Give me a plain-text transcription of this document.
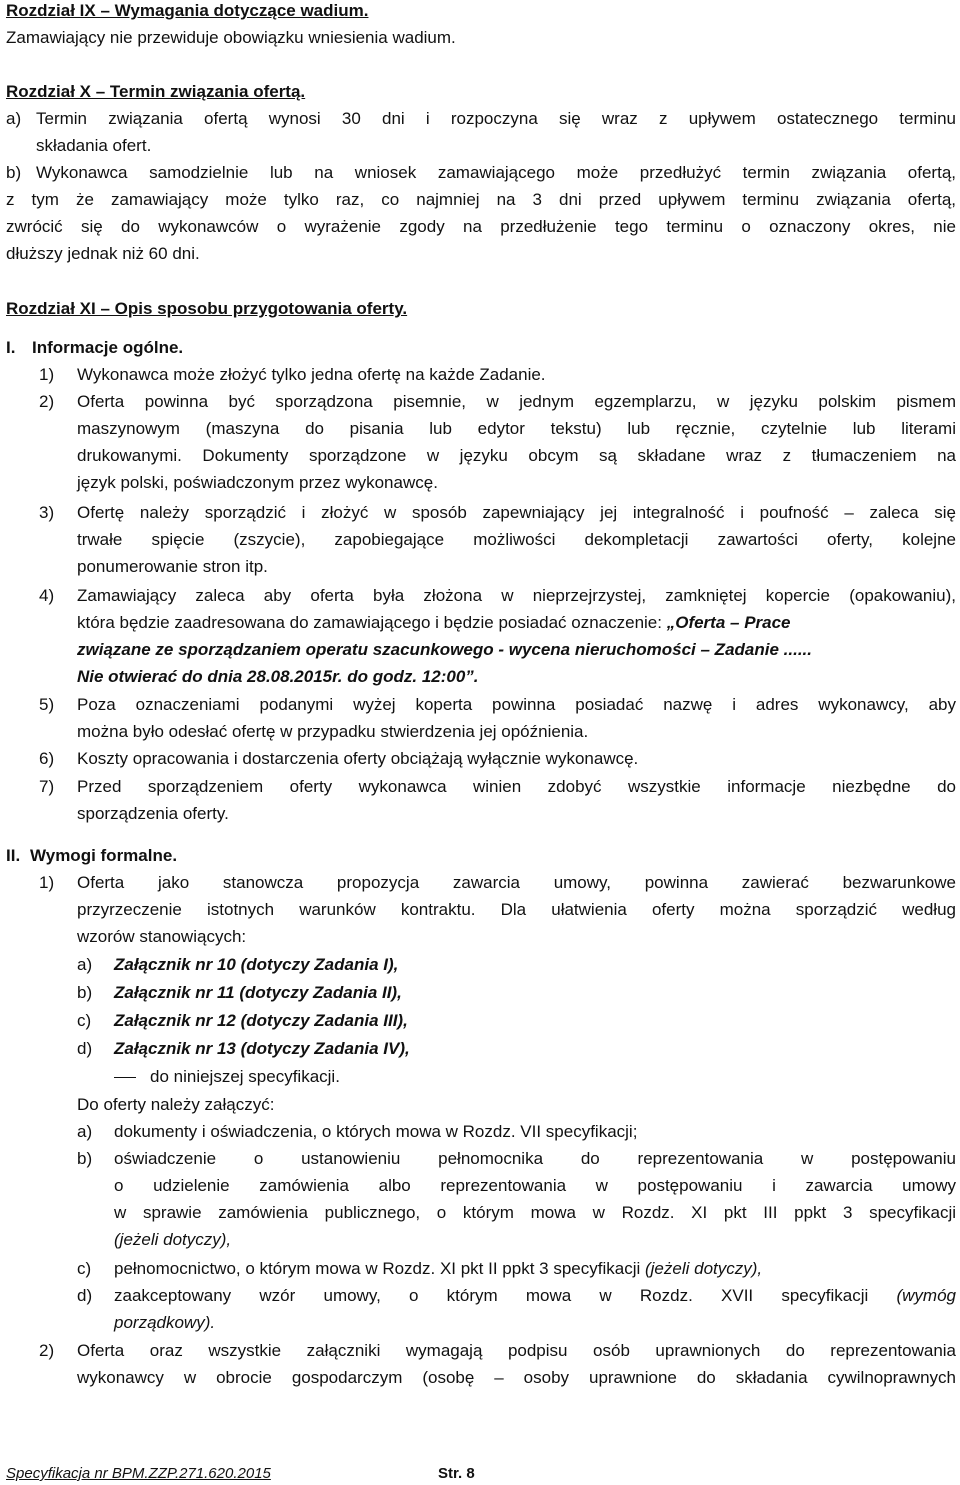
Rozdział IX – Wymagania dotyczące wadium.
Zamawiający nie przewiduje obowiązku wniesienia wadium.
Rozdział X – Termin związania ofertą.
a) Termin związania ofertą wynosi 30 dni i rozpoczyna się wraz z upływem ostatecznego terminu
składania ofert.
b) Wykonawca samodzielnie lub na wniosek zamawiającego może przedłużyć termin związania ofertą,
z tym że zamawiający może tylko raz, co najmniej na 3 dni przed upływem terminu związania ofertą,
zwrócić się do wykonawców o wyrażenie zgody na przedłużenie tego terminu o oznaczony okres, nie
dłuższy jednak niż 60 dni.
Rozdział XI – Opis sposobu przygotowania oferty.
I. Informacje ogólne.
1) Wykonawca może złożyć tylko jedna ofertę na każde Zadanie.
2) Oferta powinna być sporządzona pisemnie, w jednym egzemplarzu, w języku polskim pismem
maszynowym (maszyna do pisania lub edytor tekstu) lub ręcznie, czytelnie lub literami
drukowanymi. Dokumenty sporządzone w języku obcym są składane wraz z tłumaczeniem na
język polski, poświadczonym przez wykonawcę.
3) Ofertę należy sporządzić i złożyć w sposób zapewniający jej integralność i poufność – zaleca się
trwałe spięcie (zszycie), zapobiegające możliwości dekompletacji zawartości oferty, kolejne
ponumerowanie stron itp.
4) Zamawiający zaleca aby oferta była złożona w nieprzejrzystej, zamkniętej kopercie (opakowaniu),
która będzie zaadresowana do zamawiającego i będzie posiadać oznaczenie: „Oferta – Prace
związane ze sporządzaniem operatu szacunkowego - wycena nieruchomości – Zadanie ......
Nie otwierać do dnia 28.08.2015r. do godz. 12:00”.
5) Poza oznaczeniami podanymi wyżej koperta powinna posiadać nazwę i adres wykonawcy, aby
można było odesłać ofertę w przypadku stwierdzenia jej opóźnienia.
6) Koszty opracowania i dostarczenia oferty obciążają wyłącznie wykonawcę.
7) Przed sporządzeniem oferty wykonawca winien zdobyć wszystkie informacje niezbędne do
sporządzenia oferty.
II. Wymogi formalne.
1) Oferta jako stanowcza propozycja zawarcia umowy, powinna zawierać bezwarunkowe
przyrzeczenie istotnych warunków kontraktu. Dla ułatwienia oferty można sporządzić według
wzorów stanowiących:
a) Załącznik nr 10 (dotyczy Zadania I),
b) Załącznik nr 11 (dotyczy Zadania II),
c) Załącznik nr 12 (dotyczy Zadania III),
d) Załącznik nr 13 (dotyczy Zadania IV),
do niniejszej specyfikacji.
Do oferty należy załączyć:
a) dokumenty i oświadczenia, o których mowa w Rozdz. VII specyfikacji;
b) oświadczenie o ustanowieniu pełnomocnika do reprezentowania w postępowaniu
o udzielenie zamówienia albo reprezentowania w postępowaniu i zawarcia umowy
w sprawie zamówienia publicznego, o którym mowa w Rozdz. XI pkt III ppkt 3 specyfikacji
(jeżeli dotyczy),
c) pełnomocnictwo, o którym mowa w Rozdz. XI pkt II ppkt 3 specyfikacji (jeżeli dotyczy),
d) zaakceptowany wzór umowy, o którym mowa w Rozdz. XVII specyfikacji (wymóg
porządkowy).
2) Oferta oraz wszystkie załączniki wymagają podpisu osób uprawnionych do reprezentowania
wykonawcy w obrocie gospodarczym (osobę – osoby uprawnione do składania cywilnoprawnych
Specyfikacja nr BPM.ZZP.271.620.2015	Str. 8
